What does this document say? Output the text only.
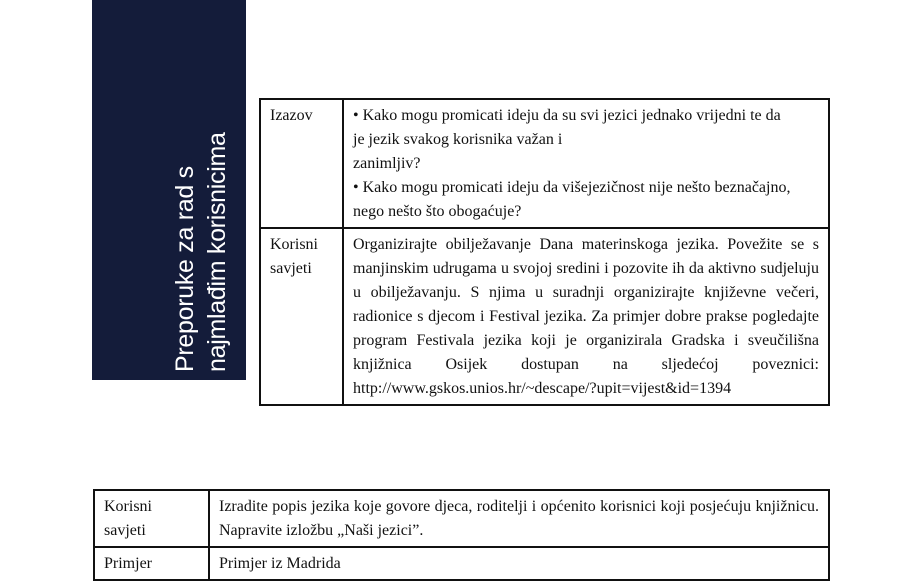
Preporuke za rad s najmlađim korisnicima
Izazov	• Kako mogu promicati ideju da su svi jezici jednako vrijedni te da
je jezik svakog korisnika važan i
zanimljiv?
• Kako mogu promicati ideju da višejezičnost nije nešto beznačajno,
nego nešto što obogaćuje?

Korisni
savjeti	Organizirajte obilježavanje Dana materinskoga jezika. Povežite se s manjinskim udrugama u svojoj sredini i pozovite ih da aktivno sudjeluju u obilježavanju. S njima u suradnji organizirajte književne večeri, radionice s djecom i Festival jezika. Za primjer dobre prakse pogledajte program Festivala jezika koji je organizirala Gradska i sveučilišna knjižnica Osijek dostupan na sljedećoj poveznici: http://www.gskos.unios.hr/~descape/?upit=vijest&id=1394
Korisni
savjeti	Izradite popis jezika koje govore djeca, roditelji i općenito korisnici koji posjećuju knjižnicu. Napravite izložbu „Naši jezici”.
Primjer	Primjer iz Madrida
